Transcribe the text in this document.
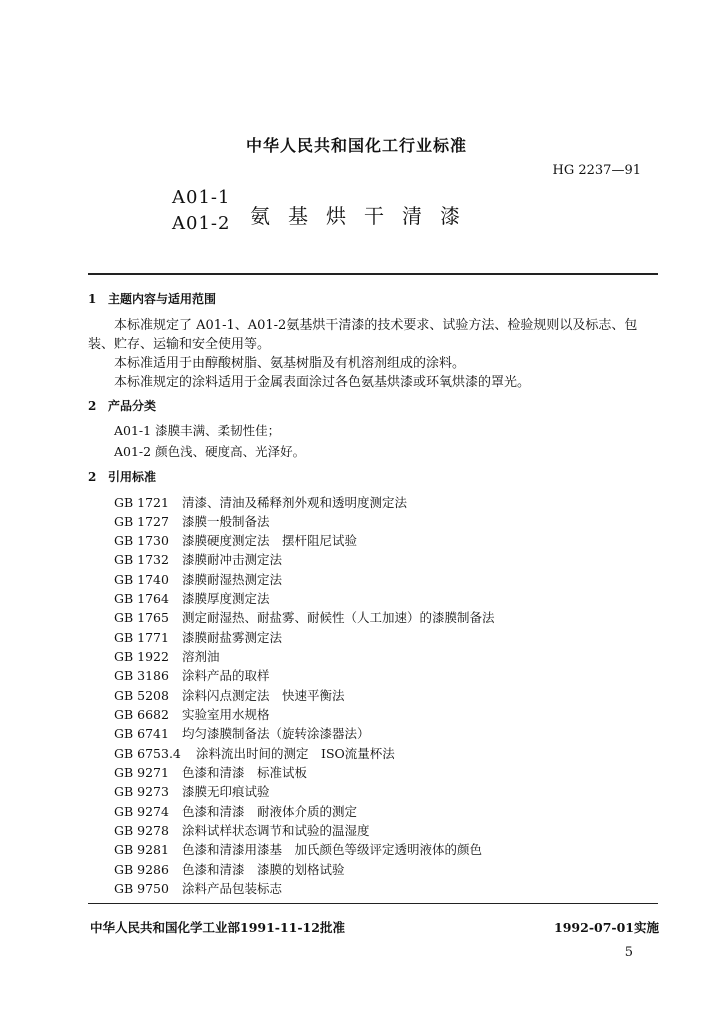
中华人民共和国化工行业标准
HG 2237—91
A01-1
A01-2 氨基烘干清漆
1 主题内容与适用范围
本标准规定了 A01-1、A01-2氨基烘干清漆的技术要求、试验方法、检验规则以及标志、包
装、贮存、运输和安全使用等。
本标准适用于由醇酸树脂、氨基树脂及有机溶剂组成的涂料。
本标准规定的涂料适用于金属表面涂过各色氨基烘漆或环氧烘漆的罩光。
2 产品分类
A01-1 漆膜丰满、柔韧性佳；
A01-2 颜色浅、硬度高、光泽好。
2 引用标准
GB 1721 清漆、清油及稀释剂外观和透明度测定法
GB 1727 漆膜一般制备法
GB 1730 漆膜硬度测定法　摆杆阻尼试验
GB 1732 漆膜耐冲击测定法
GB 1740 漆膜耐湿热测定法
GB 1764 漆膜厚度测定法
GB 1765 测定耐湿热、耐盐雾、耐候性（人工加速）的漆膜制备法
GB 1771 漆膜耐盐雾测定法
GB 1922 溶剂油
GB 3186 涂料产品的取样
GB 5208 涂料闪点测定法　快速平衡法
GB 6682 实验室用水规格
GB 6741 均匀漆膜制备法（旋转涂漆器法）
GB 6753.4 涂料流出时间的测定　ISO流量杯法
GB 9271 色漆和清漆　标准试板
GB 9273 漆膜无印痕试验
GB 9274 色漆和清漆　耐液体介质的测定
GB 9278 涂料试样状态调节和试验的温湿度
GB 9281 色漆和清漆用漆基　加氏颜色等级评定透明液体的颜色
GB 9286 色漆和清漆　漆膜的划格试验
GB 9750 涂料产品包装标志
中华人民共和国化学工业部1991-11-12批准	1992-07-01实施
5
